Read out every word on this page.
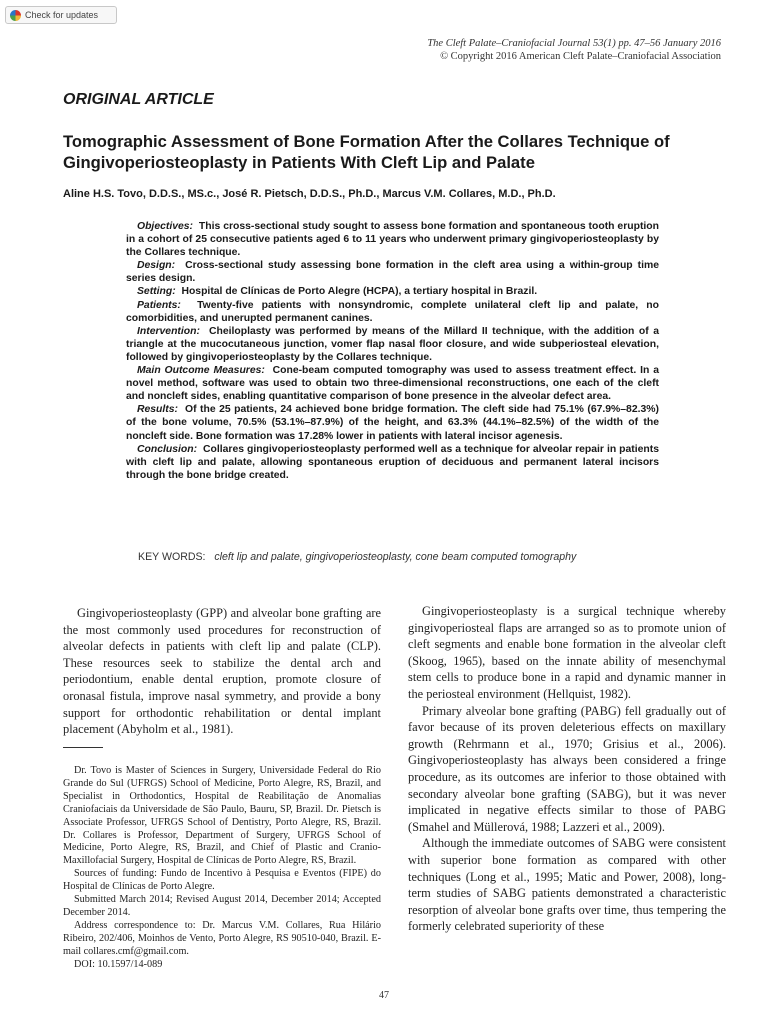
Check for updates
The Cleft Palate–Craniofacial Journal 53(1) pp. 47–56 January 2016
© Copyright 2016 American Cleft Palate–Craniofacial Association
ORIGINAL ARTICLE
Tomographic Assessment of Bone Formation After the Collares Technique of Gingivoperiosteoplasty in Patients With Cleft Lip and Palate
Aline H.S. Tovo, D.D.S., MS.c., José R. Pietsch, D.D.S., Ph.D., Marcus V.M. Collares, M.D., Ph.D.

Objectives: This cross-sectional study sought to assess bone formation and spontaneous tooth eruption in a cohort of 25 consecutive patients aged 6 to 11 years who underwent primary gingivoperiosteoplasty by the Collares technique.

Design: Cross-sectional study assessing bone formation in the cleft area using a within-group time series design.

Setting: Hospital de Clínicas de Porto Alegre (HCPA), a tertiary hospital in Brazil.

Patients: Twenty-five patients with nonsyndromic, complete unilateral cleft lip and palate, no comorbidities, and unerupted permanent canines.

Intervention: Cheiloplasty was performed by means of the Millard II technique, with the addition of a triangle at the mucocutaneous junction, vomer flap nasal floor closure, and wide subperiosteal elevation, followed by gingivoperiosteoplasty by the Collares technique.

Main Outcome Measures: Cone-beam computed tomography was used to assess treatment effect. In a novel method, software was used to obtain two three-dimensional reconstructions, one each of the cleft and noncleft sides, enabling quantitative comparison of bone presence in the alveolar defect area.

Results: Of the 25 patients, 24 achieved bone bridge formation. The cleft side had 75.1% (67.9%–82.3%) of the bone volume, 70.5% (53.1%–87.9%) of the height, and 63.3% (44.1%–82.5%) of the width of the noncleft side. Bone formation was 17.28% lower in patients with lateral incisor agenesis.

Conclusion: Collares gingivoperiosteoplasty performed well as a technique for alveolar repair in patients with cleft lip and palate, allowing spontaneous eruption of deciduous and permanent lateral incisors through the bone bridge created.

KEY WORDS: cleft lip and palate, gingivoperiosteoplasty, cone beam computed tomography

Gingivoperiosteoplasty (GPP) and alveolar bone grafting are the most commonly used procedures for reconstruction of alveolar defects in patients with cleft lip and palate (CLP). These resources seek to stabilize the dental arch and periodontium, enable dental eruption, promote closure of oronasal fistula, improve nasal symmetry, and provide a bony support for orthodontic rehabilitation or dental implant placement (Abyholm et al., 1981).

Dr. Tovo is Master of Sciences in Surgery, Universidade Federal do Rio Grande do Sul (UFRGS) School of Medicine, Porto Alegre, RS, Brazil, and Specialist in Orthodontics, Hospital de Reabilitação de Anomalias Craniofaciais da Universidade de São Paulo, Bauru, SP, Brazil. Dr. Pietsch is Associate Professor, UFRGS School of Dentistry, Porto Alegre, RS, Brazil. Dr. Collares is Professor, Department of Surgery, UFRGS School of Medicine, Porto Alegre, RS, Brazil, and Chief of Plastic and Cranio-Maxillofacial Surgery, Hospital de Clínicas de Porto Alegre, RS, Brazil.

Sources of funding: Fundo de Incentivo à Pesquisa e Eventos (FIPE) do Hospital de Clínicas de Porto Alegre.

Submitted March 2014; Revised August 2014, December 2014; Accepted December 2014.

Address correspondence to: Dr. Marcus V.M. Collares, Rua Hilário Ribeiro, 202/406, Moinhos de Vento, Porto Alegre, RS 90510-040, Brazil. E-mail collares.cmf@gmail.com.

DOI: 10.1597/14-089

Gingivoperiosteoplasty is a surgical technique whereby gingivoperiosteal flaps are arranged so as to promote union of cleft segments and enable bone formation in the alveolar cleft (Skoog, 1965), based on the innate ability of mesenchymal stem cells to produce bone in a rapid and dynamic manner in the periosteal environment (Hellquist, 1982).

Primary alveolar bone grafting (PABG) fell gradually out of favor because of its proven deleterious effects on maxillary growth (Rehrmann et al., 1970; Grisius et al., 2006). Gingivoperiosteoplasty has always been considered a fringe procedure, as its outcomes are inferior to those obtained with secondary alveolar bone grafting (SABG), but it was never implicated in negative effects similar to those of PABG (Smahel and Müllerová, 1988; Lazzeri et al., 2009).

Although the immediate outcomes of SABG were consistent with superior bone formation as compared with other techniques (Long et al., 1995; Matic and Power, 2008), long-term studies of SABG patients demonstrated a characteristic resorption of alveolar bone grafts over time, thus tempering the formerly celebrated superiority of these

47
